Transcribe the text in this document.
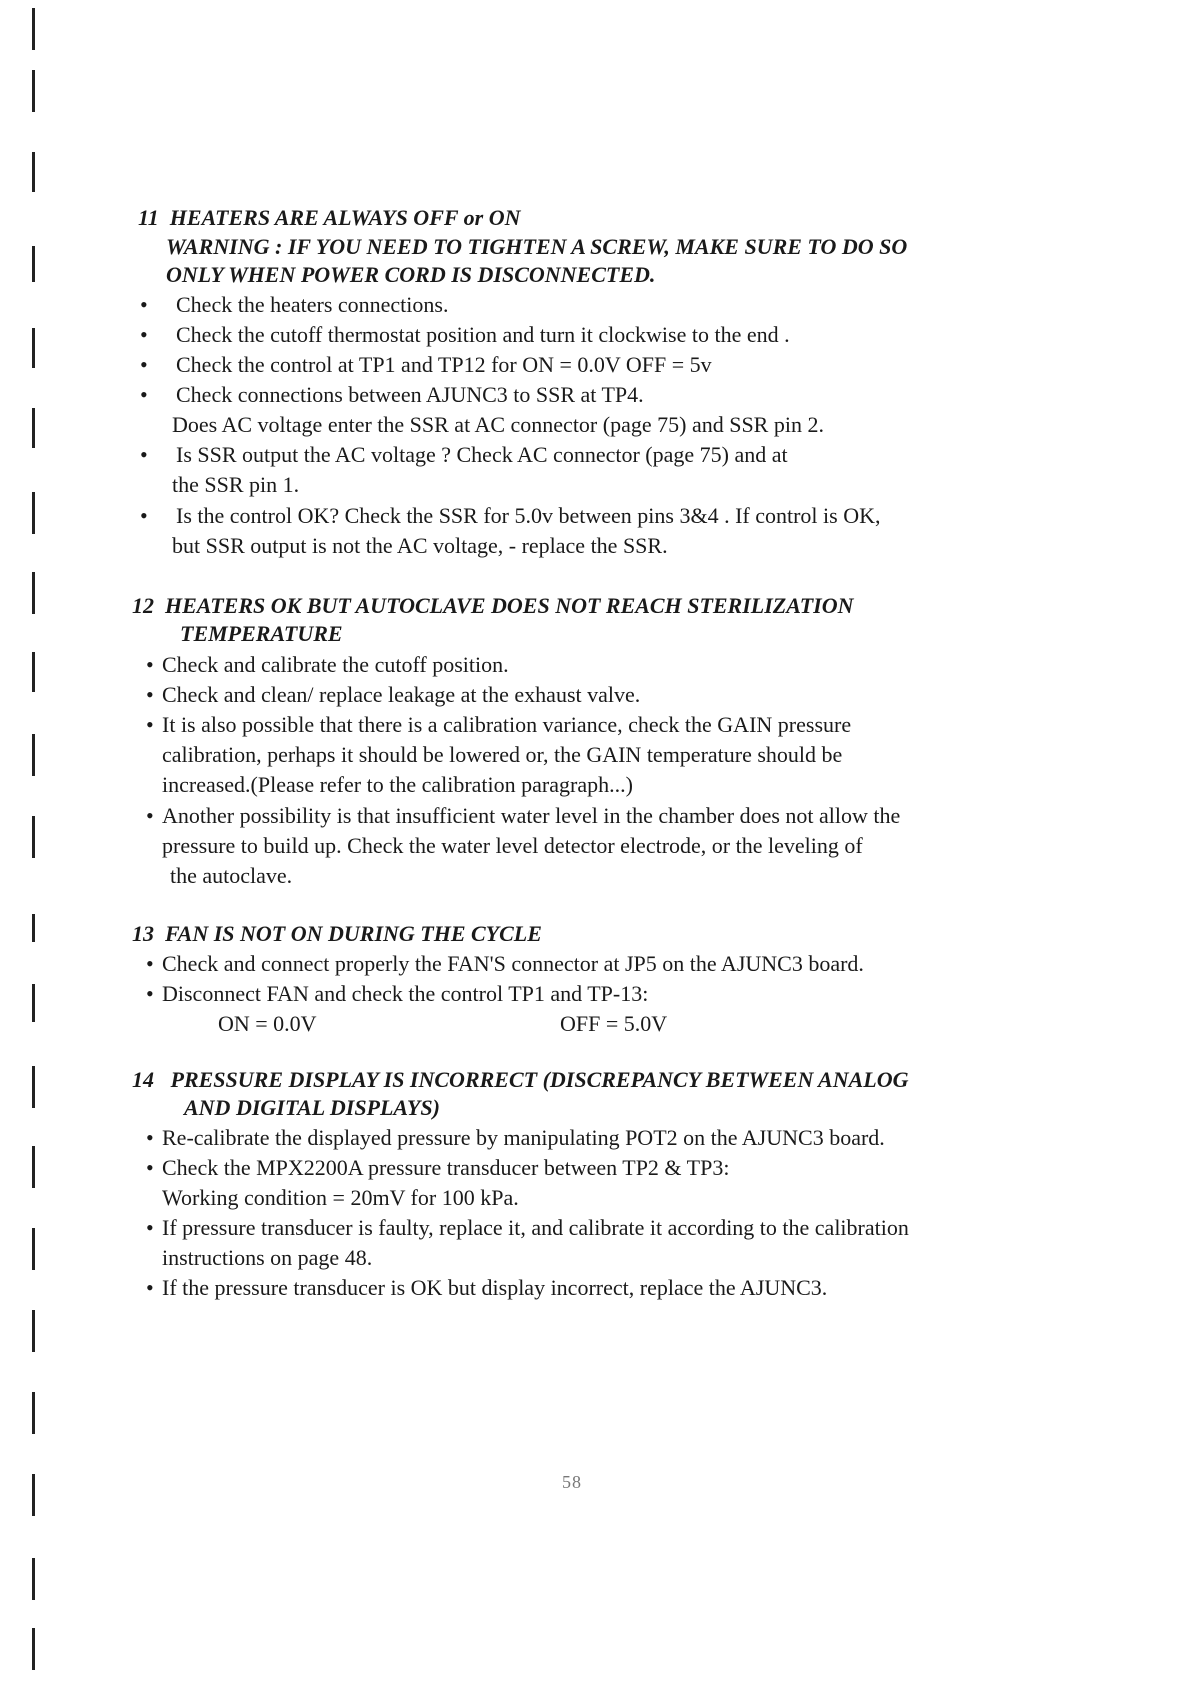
11 HEATERS ARE ALWAYS OFF or ON
WARNING : IF YOU NEED TO TIGHTEN A SCREW, MAKE SURE TO DO SO
ONLY WHEN POWER CORD IS DISCONNECTED.
• Check the heaters connections.
• Check the cutoff thermostat position and turn it clockwise to the end .
• Check the control at TP1 and TP12 for ON = 0.0V OFF = 5v
• Check connections between AJUNC3 to SSR at TP4.
Does AC voltage enter the SSR at AC connector (page 75) and SSR pin 2.
• Is SSR output the AC voltage ? Check AC connector (page 75) and at
the SSR pin 1.
• Is the control OK? Check the SSR for 5.0v between pins 3&4 . If control is OK,
but SSR output is not the AC voltage, - replace the SSR.
12 HEATERS OK BUT AUTOCLAVE DOES NOT REACH STERILIZATION
TEMPERATURE
• Check and calibrate the cutoff position.
• Check and clean/ replace leakage at the exhaust valve.
• It is also possible that there is a calibration variance, check the GAIN pressure
calibration, perhaps it should be lowered or, the GAIN temperature should be
increased.(Please refer to the calibration paragraph...)
• Another possibility is that insufficient water level in the chamber does not allow the
pressure to build up. Check the water level detector electrode, or the leveling of
the autoclave.
13 FAN IS NOT ON DURING THE CYCLE
• Check and connect properly the FAN'S connector at JP5 on the AJUNC3 board.
• Disconnect FAN and check the control TP1 and TP-13:
ON = 0.0V	OFF = 5.0V
14 PRESSURE DISPLAY IS INCORRECT (DISCREPANCY BETWEEN ANALOG
AND DIGITAL DISPLAYS)
• Re-calibrate the displayed pressure by manipulating POT2 on the AJUNC3 board.
• Check the MPX2200A pressure transducer between TP2 & TP3:
Working condition = 20mV for 100 kPa.
• If pressure transducer is faulty, replace it, and calibrate it according to the calibration
instructions on page 48.
• If the pressure transducer is OK but display incorrect, replace the AJUNC3.
58
